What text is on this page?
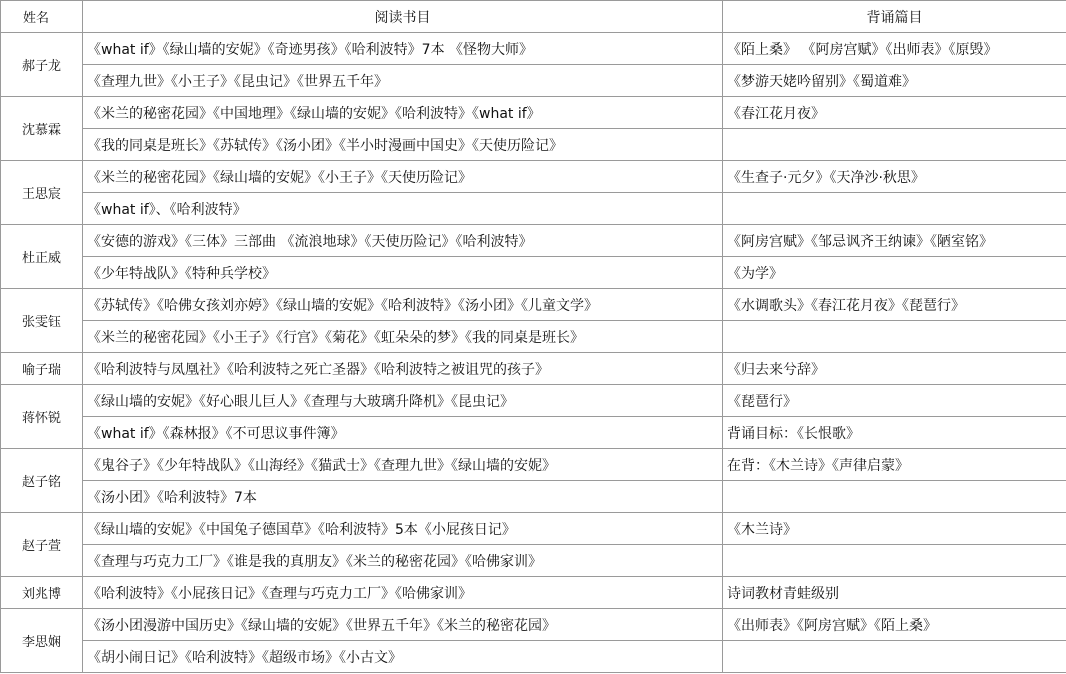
姓名	阅读书目	背诵篇目
郝子龙	《what if》《绿山墙的安妮》《奇迹男孩》《哈利波特》7本 《怪物大师》	《陌上桑》 《阿房宫赋》《出师表》《原毁》
	《查理九世》《小王子》《昆虫记》《世界五千年》	《梦游天姥吟留别》《蜀道难》
沈慕霖	《米兰的秘密花园》《中国地理》《绿山墙的安妮》《哈利波特》《what if》	《春江花月夜》
	《我的同桌是班长》《苏轼传》《汤小团》《半小时漫画中国史》《天使历险记》	
王思宸	《米兰的秘密花园》《绿山墙的安妮》《小王子》《天使历险记》	《生查子·元夕》《天净沙·秋思》
	《what if》、《哈利波特》	
杜正威	《安德的游戏》《三体》三部曲 《流浪地球》《天使历险记》《哈利波特》	《阿房宫赋》《邹忌讽齐王纳谏》《陋室铭》
	《少年特战队》《特种兵学校》	《为学》
张雯钰	《苏轼传》《哈佛女孩刘亦婷》《绿山墙的安妮》《哈利波特》《汤小团》《儿童文学》	《水调歌头》《春江花月夜》《琵琶行》
	《米兰的秘密花园》《小王子》《行宫》《菊花》《虹朵朵的梦》《我的同桌是班长》	
喻子瑞	《哈利波特与凤凰社》《哈利波特之死亡圣器》《哈利波特之被诅咒的孩子》	《归去来兮辞》
蒋怀锐	《绿山墙的安妮》《好心眼儿巨人》《查理与大玻璃升降机》《昆虫记》	《琵琶行》
	《what if》《森林报》《不可思议事件簿》	背诵目标：《长恨歌》
赵子铭	《鬼谷子》《少年特战队》《山海经》《猫武士》《查理九世》《绿山墙的安妮》	在背：《木兰诗》《声律启蒙》
	《汤小团》《哈利波特》7本	
赵子萱	《绿山墙的安妮》《中国兔子德国草》《哈利波特》5本《小屁孩日记》	《木兰诗》
	《查理与巧克力工厂》《谁是我的真朋友》《米兰的秘密花园》《哈佛家训》	
刘兆博	《哈利波特》《小屁孩日记》《查理与巧克力工厂》《哈佛家训》	诗词教材青蛙级别
李思娴	《汤小团漫游中国历史》《绿山墙的安妮》《世界五千年》《米兰的秘密花园》	《出师表》《阿房宫赋》《陌上桑》
	《胡小闹日记》《哈利波特》《超级市场》《小古文》	
